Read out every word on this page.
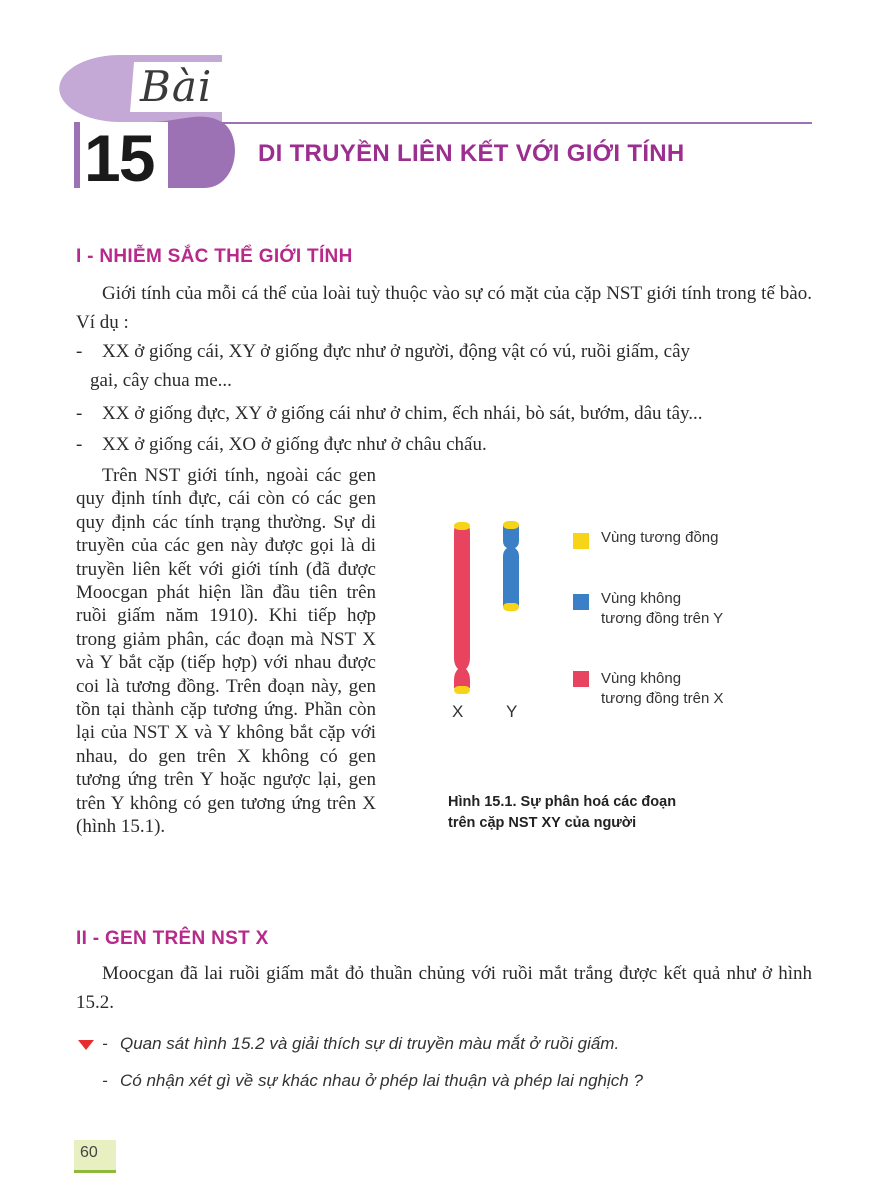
Bài
15	DI TRUYỀN LIÊN KẾT VỚI GIỚI TÍNH
I - NHIỄM SẮC THỂ GIỚI TÍNH
Giới tính của mỗi cá thể của loài tuỳ thuộc vào sự có mặt của cặp NST giới tính trong tế bào. Ví dụ :
-	XX ở giống cái, XY ở giống đực như ở người, động vật có vú, ruồi giấm, cây
gai, cây chua me...
-	XX ở giống đực, XY ở giống cái như ở chim, ếch nhái, bò sát, bướm, dâu tây...
-	XX ở giống cái, XO ở giống đực như ở châu chấu.
Trên NST giới tính, ngoài các gen quy định tính đực, cái còn có các gen quy định các tính trạng thường. Sự di truyền của các gen này được gọi là di truyền liên kết với giới tính (đã được Moocgan phát hiện lần đầu tiên trên ruồi giấm năm 1910). Khi tiếp hợp trong giảm phân, các đoạn mà NST X và Y bắt cặp (tiếp hợp) với nhau được coi là tương đồng. Trên đoạn này, gen tồn tại thành cặp tương ứng. Phần còn lại của NST X và Y không bắt cặp với nhau, do gen trên X không có gen tương ứng trên Y hoặc ngược lại, gen trên Y không có gen tương ứng trên X (hình 15.1).
X	Y
Vùng tương đồng
Vùng không
tương đồng trên Y
Vùng không
tương đồng trên X
Hình 15.1. Sự phân hoá các đoạn
trên cặp NST XY của người
II - GEN TRÊN NST X
Moocgan đã lai ruồi giấm mắt đỏ thuần chủng với ruồi mắt trắng được kết quả như ở hình 15.2.
- Quan sát hình 15.2 và giải thích sự di truyền màu mắt ở ruồi giấm.
- Có nhận xét gì về sự khác nhau ở phép lai thuận và phép lai nghịch ?
60
